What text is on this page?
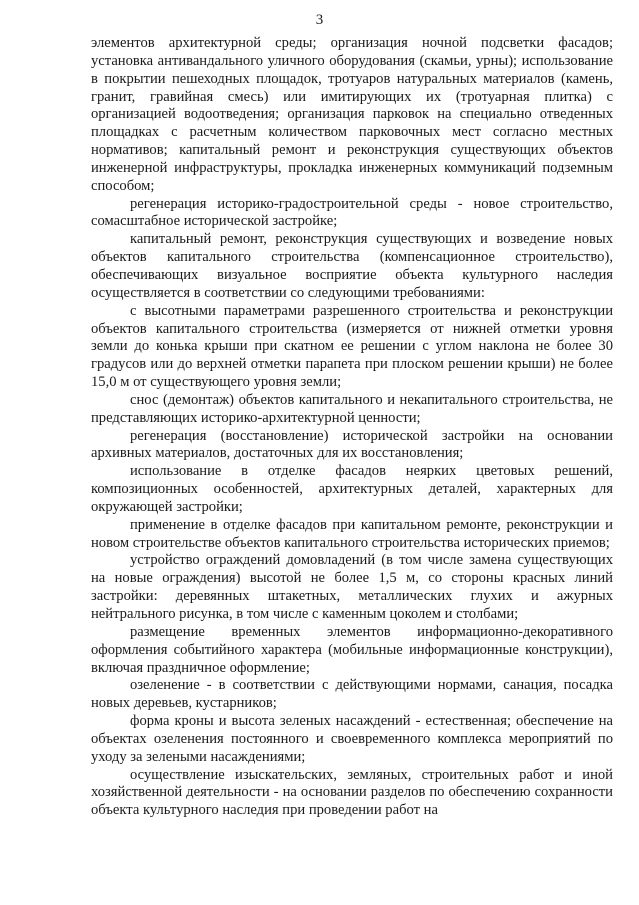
3

элементов архитектурной среды; организация ночной подсветки фасадов; установка антивандального уличного оборудования (скамьи, урны); использование в покрытии пешеходных площадок, тротуаров натуральных материалов (камень, гранит, гравийная смесь) или имитирующих их (тротуарная плитка) с организацией водоотведения; организация парковок на специально отведенных площадках с расчетным количеством парковочных мест согласно местных нормативов; капитальный ремонт и реконструкция существующих объектов инженерной инфраструктуры, прокладка инженерных коммуникаций подземным способом;

регенерация историко-градостроительной среды - новое строительство, сомасштабное исторической застройке;

капитальный ремонт, реконструкция существующих и возведение новых объектов капитального строительства (компенсационное строительство), обеспечивающих визуальное восприятие объекта культурного наследия осуществляется в соответствии со следующими требованиями:

с высотными параметрами разрешенного строительства и реконструкции объектов капитального строительства (измеряется от нижней отметки уровня земли до конька крыши при скатном ее решении с углом наклона не более 30 градусов или до верхней отметки парапета при плоском решении крыши) не более 15,0 м от существующего уровня земли;

снос (демонтаж) объектов капитального и некапитального строительства, не представляющих историко-архитектурной ценности;

регенерация (восстановление) исторической застройки на основании архивных материалов, достаточных для их восстановления;

использование в отделке фасадов неярких цветовых решений, композиционных особенностей, архитектурных деталей, характерных для окружающей застройки;

применение в отделке фасадов при капитальном ремонте, реконструкции и новом строительстве объектов капитального строительства исторических приемов;

устройство ограждений домовладений (в том числе замена существующих на новые ограждения) высотой не более 1,5 м, со стороны красных линий застройки: деревянных штакетных, металлических глухих и ажурных нейтрального рисунка, в том числе с каменным цоколем и столбами;

размещение временных элементов информационно-декоративного оформления событийного характера (мобильные информационные конструкции), включая праздничное оформление;

озеленение - в соответствии с действующими нормами, санация, посадка новых деревьев, кустарников;

форма кроны и высота зеленых насаждений - естественная; обеспечение на объектах озеленения постоянного и своевременного комплекса мероприятий по уходу за зелеными насаждениями;

осуществление изыскательских, земляных, строительных работ и иной хозяйственной деятельности - на основании разделов по обеспечению сохранности объекта культурного наследия при проведении работ на
